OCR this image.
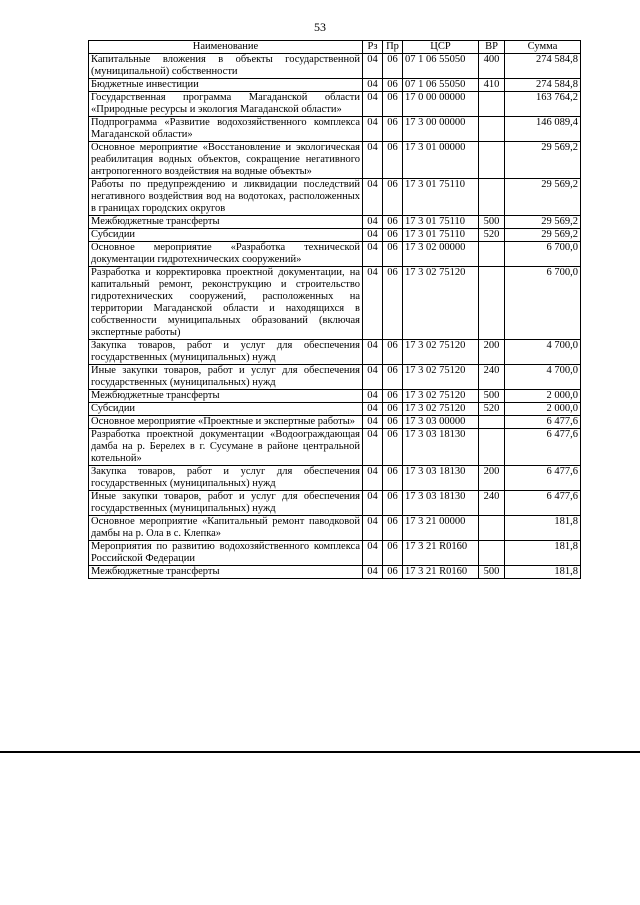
53
Наименование	Рз	Пр	ЦСР	ВР	Сумма
Капитальные вложения в объекты государственной (муниципальной) собственности	04	06	07 1 06 55050	400	274 584,8
Бюджетные инвестиции	04	06	07 1 06 55050	410	274 584,8
Государственная программа Магаданской области «Природные ресурсы и экология Магаданской области»	04	06	17 0 00 00000		163 764,2
Подпрограмма «Развитие водохозяйственного комплекса Магаданской области»	04	06	17 3 00 00000		146 089,4
Основное мероприятие «Восстановление и экологическая реабилитация водных объектов, сокращение негативного антропогенного воздействия на водные объекты»	04	06	17 3 01 00000		29 569,2
Работы по предупреждению и ликвидации последствий негативного воздействия вод на водотоках, расположенных в границах городских округов	04	06	17 3 01 75110		29 569,2
Межбюджетные трансферты	04	06	17 3 01 75110	500	29 569,2
Субсидии	04	06	17 3 01 75110	520	29 569,2
Основное мероприятие «Разработка технической документации гидротехнических сооружений»	04	06	17 3 02 00000		6 700,0
Разработка и корректировка проектной документации, на капитальный ремонт, реконструкцию и строительство гидротехнических сооружений, расположенных на территории Магаданской области и находящихся в собственности муниципальных образований (включая экспертные работы)	04	06	17 3 02 75120		6 700,0
Закупка товаров, работ и услуг для обеспечения государственных (муниципальных) нужд	04	06	17 3 02 75120	200	4 700,0
Иные закупки товаров, работ и услуг для обеспечения государственных (муниципальных) нужд	04	06	17 3 02 75120	240	4 700,0
Межбюджетные трансферты	04	06	17 3 02 75120	500	2 000,0
Субсидии	04	06	17 3 02 75120	520	2 000,0
Основное мероприятие «Проектные и экспертные работы»	04	06	17 3 03 00000		6 477,6
Разработка проектной документации «Водоограждающая дамба на р. Берелех в г. Сусумане в районе центральной котельной»	04	06	17 3 03 18130		6 477,6
Закупка товаров, работ и услуг для обеспечения государственных (муниципальных) нужд	04	06	17 3 03 18130	200	6 477,6
Иные закупки товаров, работ и услуг для обеспечения государственных (муниципальных) нужд	04	06	17 3 03 18130	240	6 477,6
Основное мероприятие «Капитальный ремонт паводковой дамбы на р. Ола в с. Клепка»	04	06	17 3 21 00000		181,8
Мероприятия по развитию водохозяйственного комплекса Российской Федерации	04	06	17 3 21 R0160		181,8
Межбюджетные трансферты	04	06	17 3 21 R0160	500	181,8
